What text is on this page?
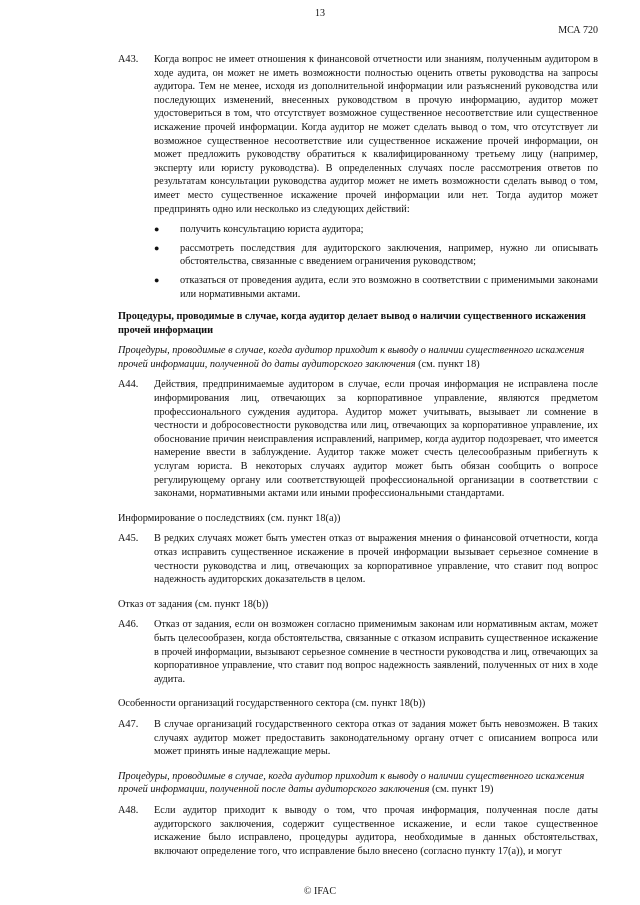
13
МСА 720
A43. Когда вопрос не имеет отношения к финансовой отчетности или знаниям, полученным аудитором в ходе аудита, он может не иметь возможности полностью оценить ответы руководства на запросы аудитора. Тем не менее, исходя из дополнительной информации или разъяснений руководства или последующих изменений, внесенных руководством в прочую информацию, аудитор может удостовериться в том, что отсутствует возможное существенное несоответствие или существенное искажение прочей информации. Когда аудитор не может сделать вывод о том, что отсутствует ли возможное существенное несоответствие или существенное искажение прочей информации, он может предложить руководству обратиться к квалифицированному третьему лицу (например, эксперту или юристу руководства). В определенных случаях после рассмотрения ответов по результатам консультации руководства аудитор может не иметь возможности сделать вывод о том, имеет место существенное искажение прочей информации или нет. Тогда аудитор может предпринять одно или несколько из следующих действий:
● получить консультацию юриста аудитора;
● рассмотреть последствия для аудиторского заключения, например, нужно ли описывать обстоятельства, связанные с введением ограничения руководством;
● отказаться от проведения аудита, если это возможно в соответствии с применимыми законами или нормативными актами.
Процедуры, проводимые в случае, когда аудитор делает вывод о наличии существенного искажения прочей информации
Процедуры, проводимые в случае, когда аудитор приходит к выводу о наличии существенного искажения прочей информации, полученной до даты аудиторского заключения (см. пункт 18)
A44. Действия, предпринимаемые аудитором в случае, если прочая информация не исправлена после информирования лиц, отвечающих за корпоративное управление, являются предметом профессионального суждения аудитора. Аудитор может учитывать, вызывает ли сомнение в честности и добросовестности руководства или лиц, отвечающих за корпоративное управление, их обоснование причин неисправления исправлений, например, когда аудитор подозревает, что имеется намерение ввести в заблуждение. Аудитор также может счесть целесообразным прибегнуть к услугам юриста. В некоторых случаях аудитор может быть обязан сообщить о вопросе регулирующему органу или соответствующей профессиональной организации в соответствии с законами, нормативными актами или иными профессиональными стандартами.
Информирование о последствиях (см. пункт 18(a))
A45. В редких случаях может быть уместен отказ от выражения мнения о финансовой отчетности, когда отказ исправить существенное искажение в прочей информации вызывает серьезное сомнение в честности руководства и лиц, отвечающих за корпоративное управление, что ставит под вопрос надежность аудиторских доказательств в целом.
Отказ от задания (см. пункт 18(b))
A46. Отказ от задания, если он возможен согласно применимым законам или нормативным актам, может быть целесообразен, когда обстоятельства, связанные с отказом исправить существенное искажение в прочей информации, вызывают серьезное сомнение в честности руководства и лиц, отвечающих за корпоративное управление, что ставит под вопрос надежность заявлений, полученных от них в ходе аудита.
Особенности организаций государственного сектора (см. пункт 18(b))
A47. В случае организаций государственного сектора отказ от задания может быть невозможен. В таких случаях аудитор может предоставить законодательному органу отчет с описанием вопроса или может принять иные надлежащие меры.
Процедуры, проводимые в случае, когда аудитор приходит к выводу о наличии существенного искажения прочей информации, полученной после даты аудиторского заключения (см. пункт 19)
A48. Если аудитор приходит к выводу о том, что прочая информация, полученная после даты аудиторского заключения, содержит существенное искажение, и если такое существенное искажение было исправлено, процедуры аудитора, необходимые в данных обстоятельствах, включают определение того, что исправление было внесено (согласно пункту 17(a)), и могут
© IFAC
